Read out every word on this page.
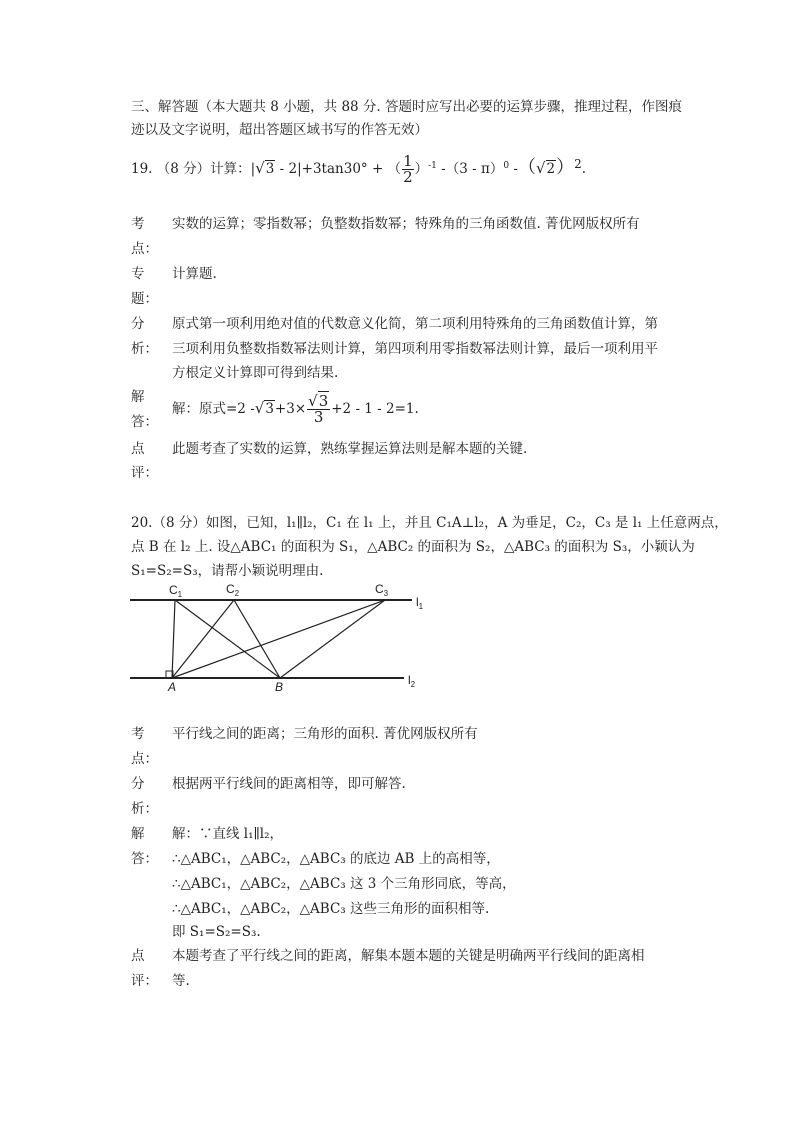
三、解答题（本大题共 8 小题，共 88 分. 答题时应写出必要的运算步骤，推理过程，作图痕
迹以及文字说明，超出答题区域书写的作答无效）
19. （8 分）计算：|√3 - 2|+3tan30° + （ $\frac{1}{2} )^{-1}$ -（3 - π）$^0$ $-(√2)^2$.
考
点：
实数的运算；零指数幂；负整数指数幂；特殊角的三角函数值. 菁优网版权所有
专
题：
计算题.
分
析：
原式第一项利用绝对值的代数意义化简，第二项利用特殊角的三角函数值计算，第
三项利用负整数指数幂法则计算，第四项利用零指数幂法则计算，最后一项利用平
方根定义计算即可得到结果.
解
答：
解：原式=2 $-√3+3\times \frac{√3}{3} +2 - 1 - 2=1$.
点
评：
此题考查了实数的运算，熟练掌握运算法则是解本题的关键.
20.（8 分）如图，已知，l₁∥l₂，C₁ 在 l₁ 上，并且 C₁A⊥l₂，A 为垂足，C₂，C₃ 是 l₁ 上任意两点，
点 B 在 l₂ 上. 设△ABC₁ 的面积为 S₁，△ABC₂ 的面积为 S₂，△ABC₃ 的面积为 S₃，小颖认为
S₁=S₂=S₃，请帮小颖说明理由.
$C_1$	$C_2$	$C_3$
A	B
$l_1$
$l_2$
考
点：
平行线之间的距离；三角形的面积. 菁优网版权所有
分
析：
根据两平行线间的距离相等，即可解答.
解
答：
解：∵直线 l₁∥l₂，
∴△ABC₁，△ABC₂，△ABC₃ 的底边 AB 上的高相等，
∴△ABC₁，△ABC₂，△ABC₃ 这 3 个三角形同底，等高，
∴△ABC₁，△ABC₂，△ABC₃ 这些三角形的面积相等.
即 S₁=S₂=S₃.
点
评：
本题考查了平行线之间的距离，解集本题本题的关键是明确两平行线间的距离相
等.
